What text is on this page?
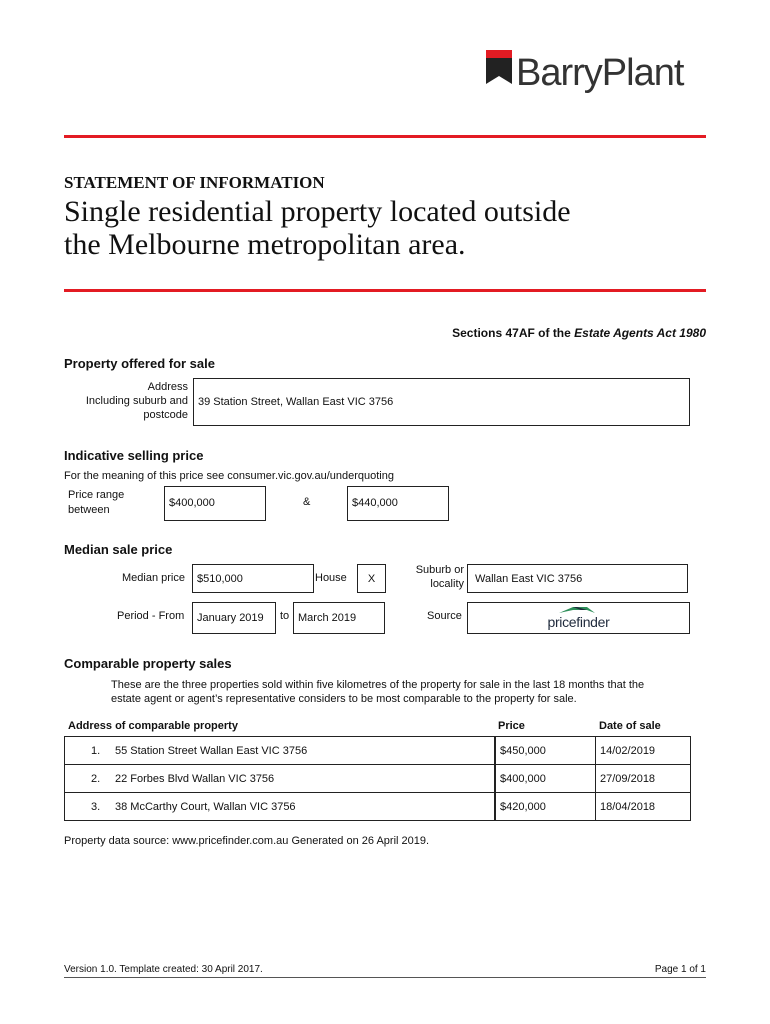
BarryPlant
STATEMENT OF INFORMATION
Single residential property located outside
the Melbourne metropolitan area.
Sections 47AF of the Estate Agents Act 1980
Property offered for sale
Address
Including suburb and
postcode
39 Station Street, Wallan East VIC 3756
Indicative selling price
For the meaning of this price see consumer.vic.gov.au/underquoting
Price range
between
$400,000	&	$440,000
Median sale price
Median price	$510,000	House	X
Suburb or
locality	Wallan East VIC 3756
Period - From	January 2019	to March 2019	Source	pricefinder
Comparable property sales
These are the three properties sold within five kilometres of the property for sale in the last 18 months that the
estate agent or agent’s representative considers to be most comparable to the property for sale.
Address of comparable property	Price	Date of sale
1.	55 Station Street Wallan East VIC 3756	$450,000	14/02/2019
2.	22 Forbes Blvd Wallan VIC 3756	$400,000	27/09/2018
3.	38 McCarthy Court, Wallan VIC 3756	$420,000	18/04/2018
Property data source: www.pricefinder.com.au Generated on 26 April 2019.
Version 1.0. Template created: 30 April 2017.	Page 1 of 1
